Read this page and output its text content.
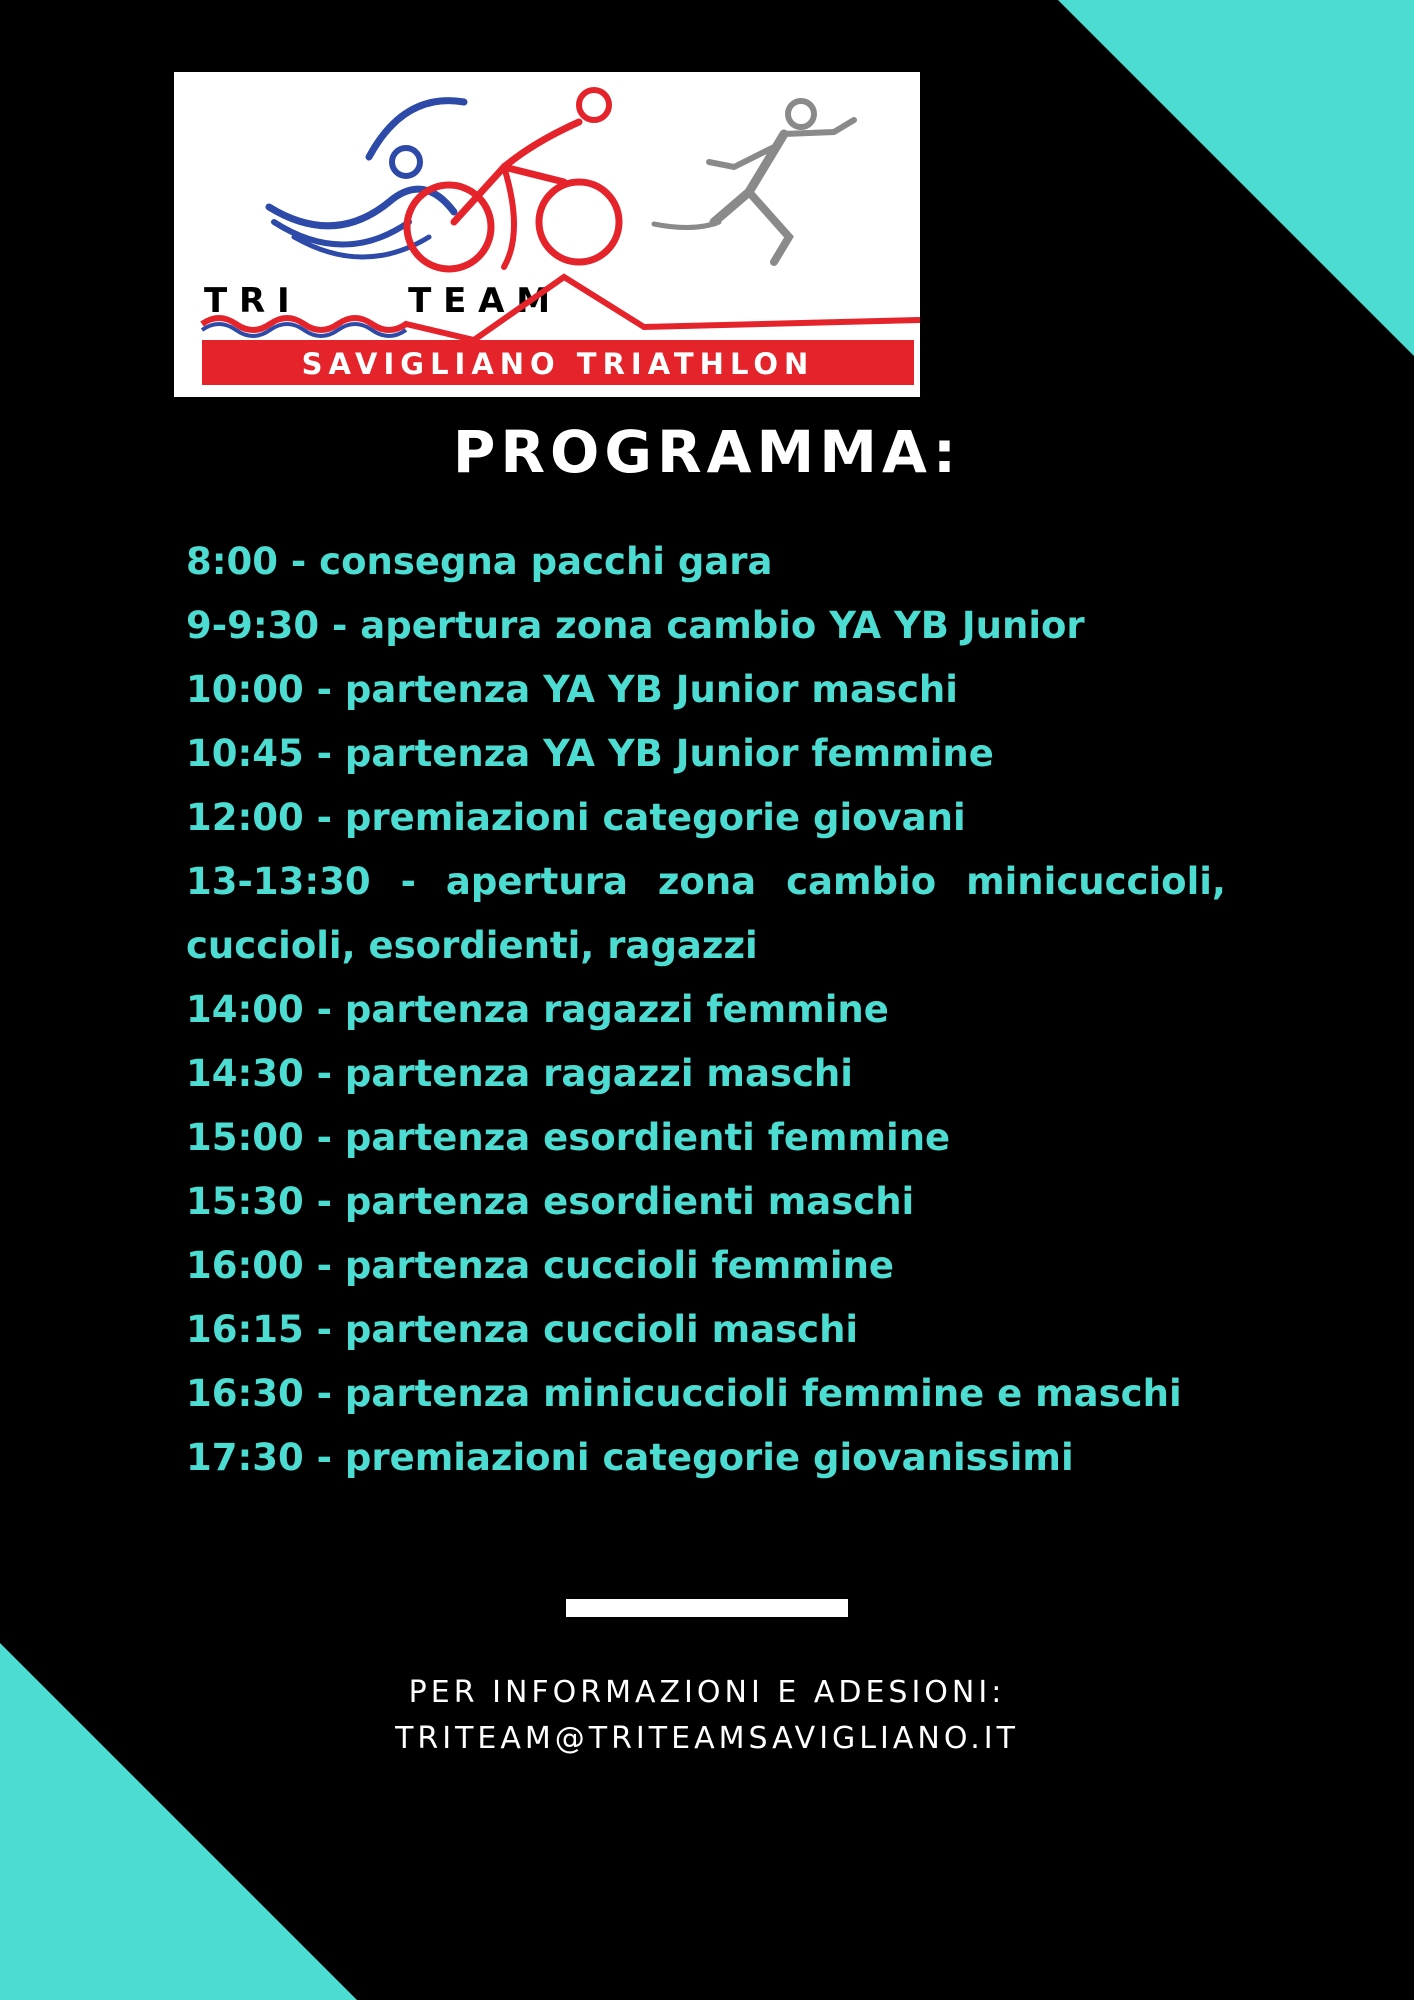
T R I          T E A M
SAVIGLIANO TRIATHLON
PROGRAMMA:
8:00 - consegna pacchi gara
9-9:30 - apertura zona cambio YA YB Junior
10:00 - partenza YA YB Junior maschi
10:45 - partenza YA YB Junior femmine
12:00 - premiazioni categorie giovani
13-13:30 - apertura zona cambio minicuccioli, cuccioli, esordienti, ragazzi
14:00 - partenza ragazzi femmine
14:30 - partenza ragazzi maschi
15:00 - partenza esordienti femmine
15:30 - partenza esordienti maschi
16:00 - partenza cuccioli femmine
16:15 - partenza cuccioli maschi
16:30 - partenza minicuccioli femmine e maschi
17:30 - premiazioni categorie giovanissimi
PER INFORMAZIONI E ADESIONI:
TRITEAM@TRITEAMSAVIGLIANO.IT
